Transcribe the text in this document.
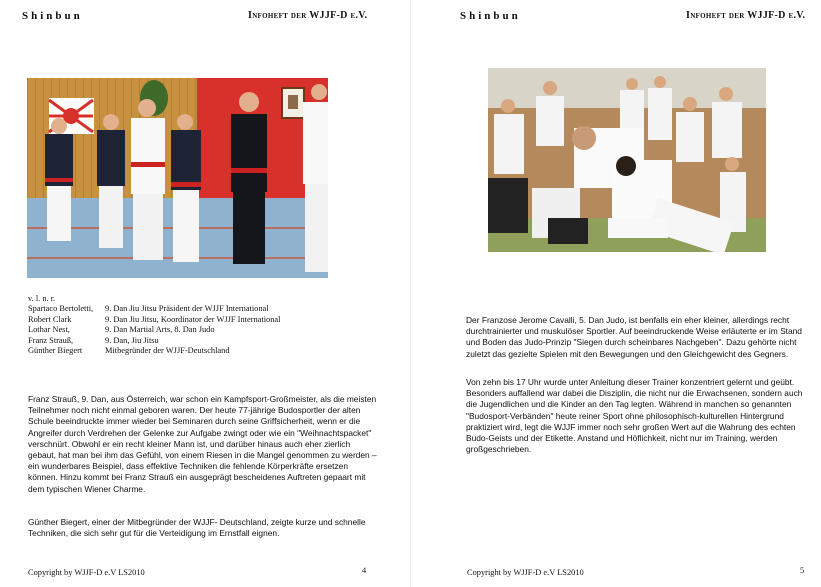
Shinbun	Infoheft der WJJF-D e.V.
v. l. n. r.
Spartaco Bertoletti,	9. Dan Jiu Jitsu Präsident der WJJF International
Robert Clark	9. Dan Jiu Jitsu, Koordinator der WJJF International
Lothar Nest,	9. Dan Martial Arts, 8. Dan Judo
Franz Strauß,	9. Dan, Jiu Jitsu
Günther Biegert	Mitbegründer der WJJF-Deutschland

Franz Strauß, 9. Dan, aus Österreich, war schon ein Kampfsport-Großmeister, als die meisten Teilnehmer noch nicht einmal geboren waren. Der heute 77-jährige Budosportler der alten Schule beeindruckte immer wieder bei Seminaren durch seine Griffsicherheit, wenn er die Angreifer durch Verdrehen der Gelenke zur Aufgabe zwingt oder wie ein "Weihnachtspacket" verschnürt. Obwohl er ein recht kleiner Mann ist, und darüber hinaus auch eher zierlich gebaut, hat man bei ihm das Gefühl, von einem Riesen in die Mangel genommen zu werden – ein wunderbares Beispiel, dass effektive Techniken die fehlende Körperkräfte ersetzen können. Hinzu kommt bei Franz Strauß ein ausgeprägt bescheidenes Auftreten gepaart mit dem typischen Wiener Charme.

Günther Biegert, einer der Mitbegründer der WJJF- Deutschland, zeigte kurze und schnelle Techniken, die sich sehr gut für die Verteidigung im Ernstfall eignen.

Copyright by WJJF-D e.V LS2010	4
Shinbun	Infoheft der WJJF-D e.V.

Der Franzose Jerome Cavalli, 5. Dan Judo, ist benfalls ein eher kleiner, allerdings recht durchtrainierter und muskulöser Sportler. Auf beeindruckende Weise erläuterte er im Stand und Boden das Judo-Prinzip "Siegen durch scheinbares Nachgeben". Dazu gehörte nicht zuletzt das gezielte Spielen mit den Bewegungen und den Gleichgewicht des Gegners.

Von zehn bis 17 Uhr wurde unter Anleitung dieser Trainer konzentriert gelernt und geübt. Besonders auffallend war dabei die Disziplin, die nicht nur die Erwachsenen, sondern auch die Jugendlichen und die Kinder an den Tag legten. Während in manchen so genannten "Budosport-Verbänden" heute reiner Sport ohne philosophisch-kulturellen Hintergrund praktiziert wird, legt die WJJF immer noch sehr großen Wert auf die Wahrung des echten Budo-Geists und der Etikette. Anstand und Höflichkeit, nicht nur im Training, werden großgeschrieben.

Copyright by WJJF-D e.V LS2010	5
